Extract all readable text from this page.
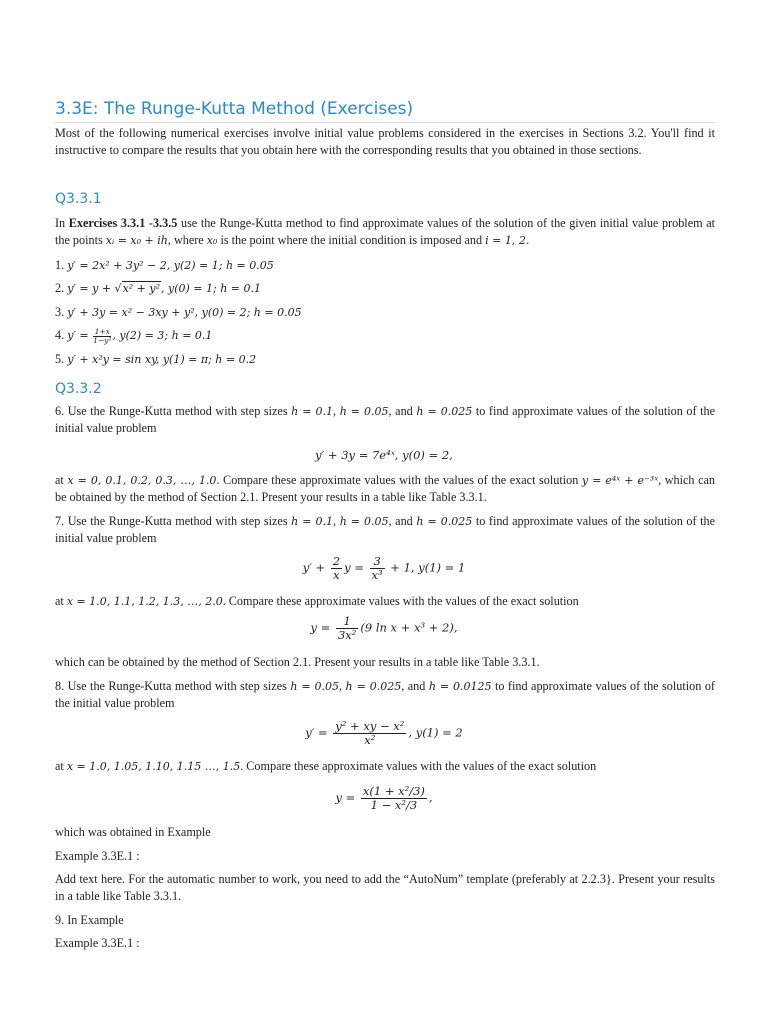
3.3E: The Runge-Kutta Method (Exercises)
Most of the following numerical exercises involve initial value problems considered in the exercises in Sections 3.2. You'll find it instructive to compare the results that you obtain here with the corresponding results that you obtained in those sections.
Q3.3.1
In Exercises 3.3.1 -3.3.5 use the Runge-Kutta method to find approximate values of the solution of the given initial value problem at the points xᵢ = x₀ + ih, where x₀ is the point where the initial condition is imposed and i = 1, 2.
1. y′ = 2x² + 3y² − 2, y(2) = 1; h = 0.05
2. y′ = y + √x² + y², y(0) = 1; h = 0.1
3. y′ + 3y = x² − 3xy + y², y(0) = 2; h = 0.05
4. $y' = \frac{1+x}{\text{1−y²}}$ , y(2) = 3; h = 0.1
5. y′ + x²y = sin xy, y(1) = π; h = 0.2
Q3.3.2
6. Use the Runge-Kutta method with step sizes h = 0.1, h = 0.05, and h = 0.025 to find approximate values of the solution of the initial value problem
y′ + 3y = 7e⁴ˣ, y(0) = 2,
at x = 0, 0.1, 0.2, 0.3, …, 1.0. Compare these approximate values with the values of the exact solution y = e⁴ˣ + e⁻³ˣ, which can be obtained by the method of Section 2.1. Present your results in a table like Table 3.3.1.
7. Use the Runge-Kutta method with step sizes h = 0.1, h = 0.05, and h = 0.025 to find approximate values of the solution of the initial value problem
$y' + \frac{2}{x}$ $y = \frac{3}{\text{x³}} + 1$, y(1) = 1
at x = 1.0, 1.1, 1.2, 1.3, …, 2.0. Compare these approximate values with the values of the exact solution
$y = \frac{1}{\text{3x²}} (9$ ln x + x³ + 2),
which can be obtained by the method of Section 2.1. Present your results in a table like Table 3.3.1.
8. Use the Runge-Kutta method with step sizes h = 0.05, h = 0.025, and h = 0.0125 to find approximate values of the solution of the initial value problem
$y' = \frac{\text{y² + xy − x²}}{\text{x²}}$ , y(1) = 2
at x = 1.0, 1.05, 1.10, 1.15 …, 1.5. Compare these approximate values with the values of the exact solution
$y = \frac{\text{x(1 + x²/3)}}{\text{1 − x²/3}}$ ,
which was obtained in Example
Example 3.3E.1 :
Add text here. For the automatic number to work, you need to add the “AutoNum” template (preferably at 2.2.3}. Present your results in a table like Table 3.3.1.
9. In Example
Example 3.3E.1 :
